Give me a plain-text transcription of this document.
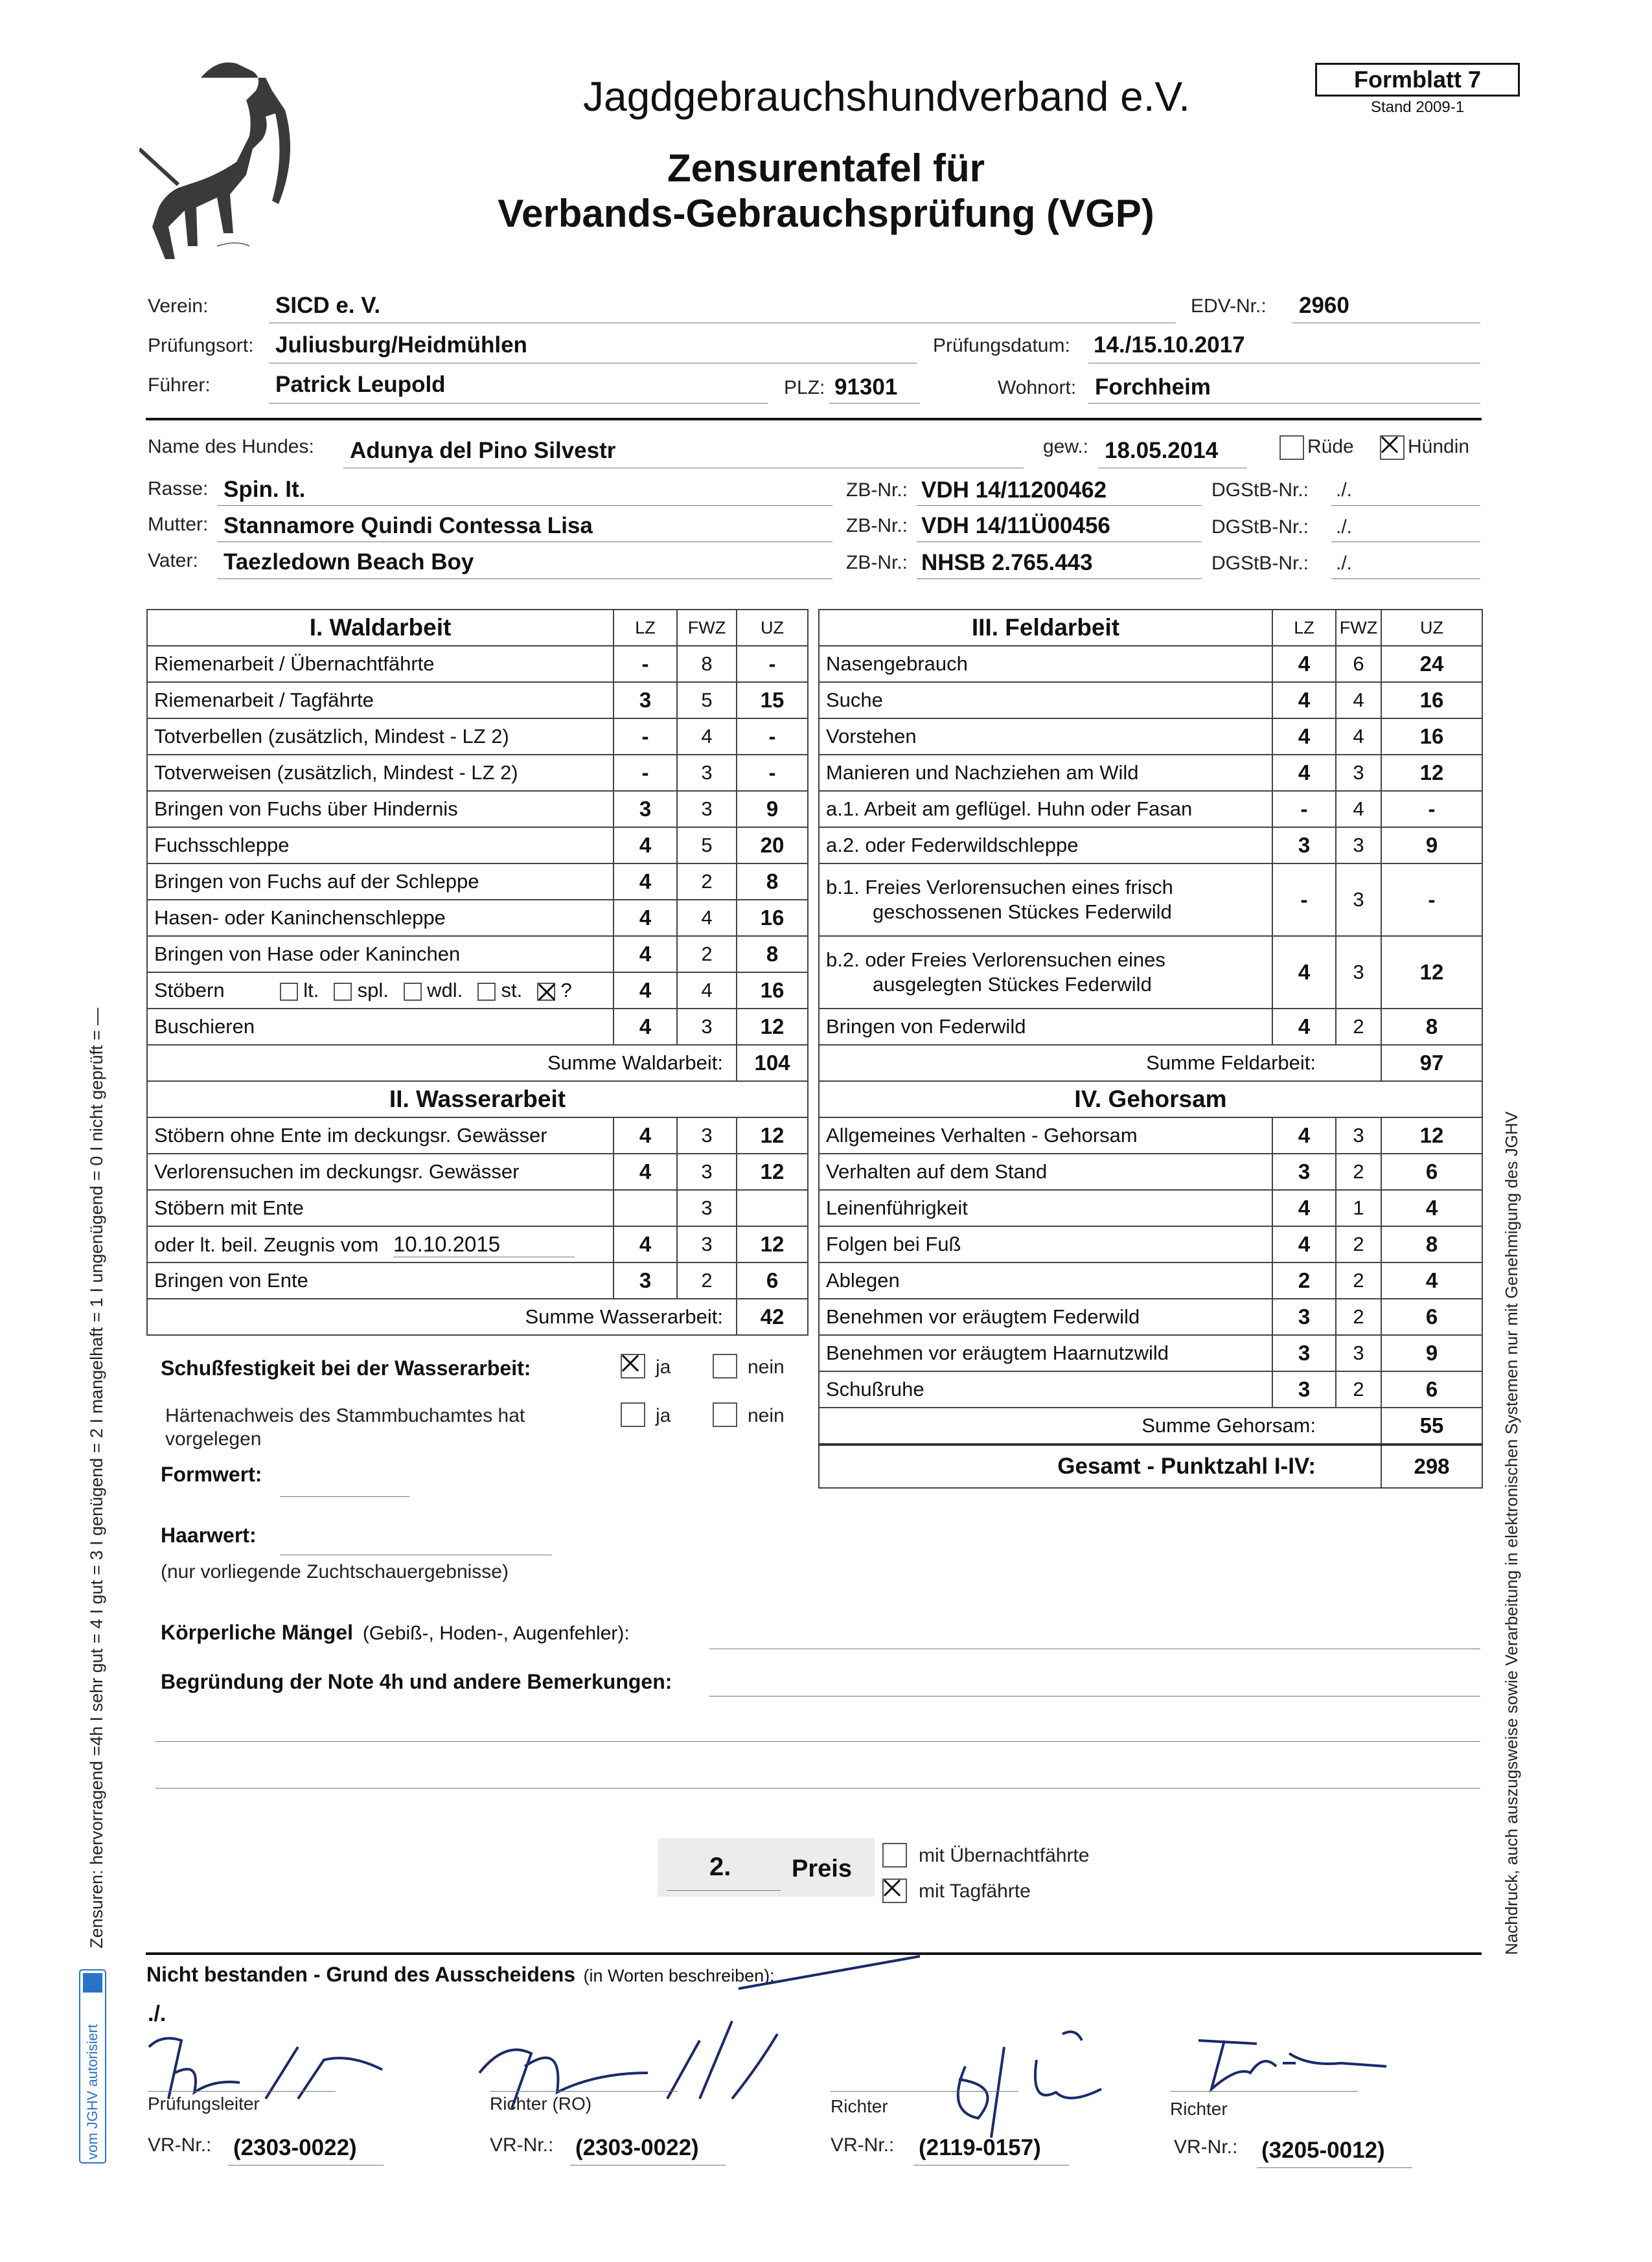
Jagdgebrauchshundverband e.V.
Zensurentafel für
Verbands-Gebrauchsprüfung (VGP)
Formblatt 7
Stand 2009-1
Verein:	SICD e. V.	EDV-Nr.: 2960
Prüfungsort: Juliusburg/Heidmühlen	Prüfungsdatum: 14./15.10.2017
Führer:	Patrick Leupold	PLZ: 91301	Wohnort: Forchheim
Name des Hundes: Adunya del Pino Silvestr	gew.: 18.05.2014	Rüde	Hündin
Rasse: Spin. It.	ZB-Nr.: VDH 14/11200462	DGStB-Nr.: ./.
Mutter: Stannamore Quindi Contessa Lisa	ZB-Nr.: VDH 14/11Ü00456	DGStB-Nr.: ./.
Vater: Taezledown Beach Boy	ZB-Nr.: NHSB 2.765.443	DGStB-Nr.: ./.
I. Waldarbeit	LZ	FWZ	UZ
Riemenarbeit / Übernachtfährte	-	8	-
Riemenarbeit / Tagfährte	3	5	15
Totverbellen (zusätzlich, Mindest - LZ 2)	-	4	-
Totverweisen (zusätzlich, Mindest - LZ 2)	-	3	-
Bringen von Fuchs über Hindernis	3	3	9
Fuchsschleppe	4	5	20
Bringen von Fuchs auf der Schleppe	4	2	8
Hasen- oder Kaninchenschleppe	4	4	16
Bringen von Hase oder Kaninchen	4	2	8
Stöbern lt. spl. wdl. st. ?	4	4	16
Buschieren	4	3	12
Summe Waldarbeit:			104
II. Wasserarbeit			
Stöbern ohne Ente im deckungsr. Gewässer	4	3	12
Verlorensuchen im deckungsr. Gewässer	4	3	12
Stöbern mit Ente		3	
oder lt. beil. Zeugnis vom 10.10.2015	4	3	12
Bringen von Ente	3	2	6
Summe Wasserarbeit:			42
III. Feldarbeit	LZ	FWZ	UZ
Nasengebrauch	4	6	24
Suche	4	4	16
Vorstehen	4	4	16
Manieren und Nachziehen am Wild	4	3	12
a.1. Arbeit am geflügel. Huhn oder Fasan	-	4	-
a.2. oder Federwildschleppe	3	3	9

b.1. Freies Verlorensuchen eines frisch
geschossenen Stückes Federwild	-	3	-

b.2. oder Freies Verlorensuchen eines
ausgelegten Stückes Federwild	4	3	12
Bringen von Federwild	4	2	8
Summe Feldarbeit:			97
IV. Gehorsam			
Allgemeines Verhalten - Gehorsam	4	3	12
Verhalten auf dem Stand	3	2	6
Leinenführigkeit	4	1	4
Folgen bei Fuß	4	2	8
Ablegen	2	2	4
Benehmen vor eräugtem Federwild	3	2	6
Benehmen vor eräugtem Haarnutzwild	3	3	9
Schußruhe	3	2	6
Summe Gehorsam:			55
Gesamt - Punktzahl I-IV:			298
Schußfestigkeit bei der Wasserarbeit:	ja	nein
Härtenachweis des Stammbuchamtes hat vorgelegen
ja	nein
Formwert:
Haarwert:
(nur vorliegende Zuchtschauergebnisse)
Körperliche Mängel (Gebiß-, Hoden-, Augenfehler):
Begründung der Note 4h und andere Bemerkungen:
2. Preis	mit Übernachtfährte
mit Tagfährte
Nicht bestanden - Grund des Ausscheidens (in Worten beschreiben):
./.
Prüfungsleiter
VR-Nr.: (2303-0022)
Richter (RO)
VR-Nr.: (2303-0022)
Richter
VR-Nr.: (2119-0157)
Richter
VR-Nr.: (3205-0012)
Zensuren: hervorragend =4h I sehr gut = 4 I gut = 3 I genügend = 2 I mangelhaft = 1 I ungenügend = 0 I nicht geprüft = —	Nachdruck, auch auszugsweise sowie Verarbeitung in elektronischen Systemen nur mit Genehmigung des JGHV
vom JGHV autorisiert
